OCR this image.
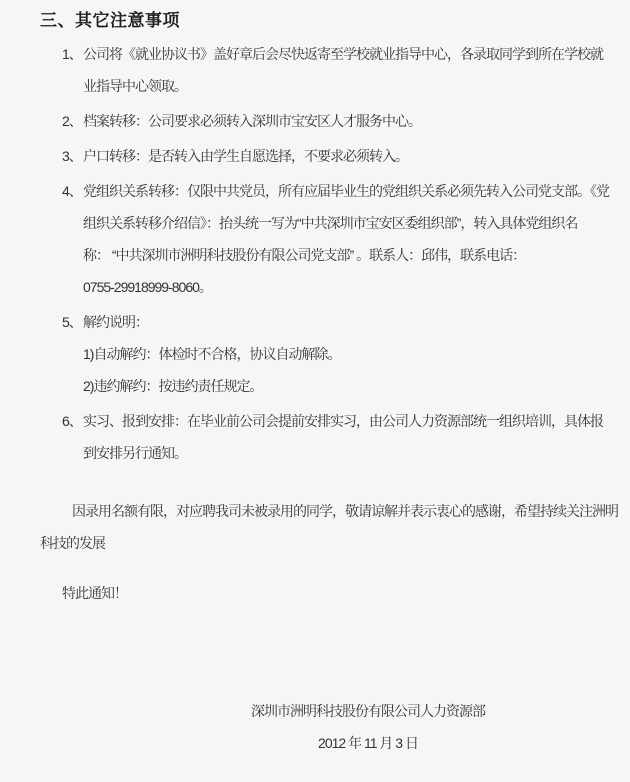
三、其它注意事项
1、 公司将《就业协议书》盖好章后会尽快返寄至学校就业指导中心，各录取同学到所在学校就
业指导中心领取。
2、 档案转移：公司要求必须转入深圳市宝安区人才服务中心。
3、 户口转移：是否转入由学生自愿选择，不要求必须转入。
4、 党组织关系转移：仅限中共党员，所有应届毕业生的党组织关系必须先转入公司党支部。《党
组织关系转移介绍信》：抬头统一写为“中共深圳市宝安区委组织部”，转入具体党组织名
称： “中共深圳市洲明科技股份有限公司党支部” 。联系人：邱伟，联系电话：
0755-29918999-8060。
5、 解约说明：
1)自动解约：体检时不合格，协议自动解除。
2)违约解约：按违约责任规定。
6、 实习、报到安排：在毕业前公司会提前安排实习，由公司人力资源部统一组织培训，具体报
到安排另行通知。
因录用名额有限，对应聘我司未被录用的同学，敬请谅解并表示衷心的感谢，希望持续关注洲明
科技的发展
特此通知！
深圳市洲明科技股份有限公司人力资源部
2012 年 11 月 3 日
